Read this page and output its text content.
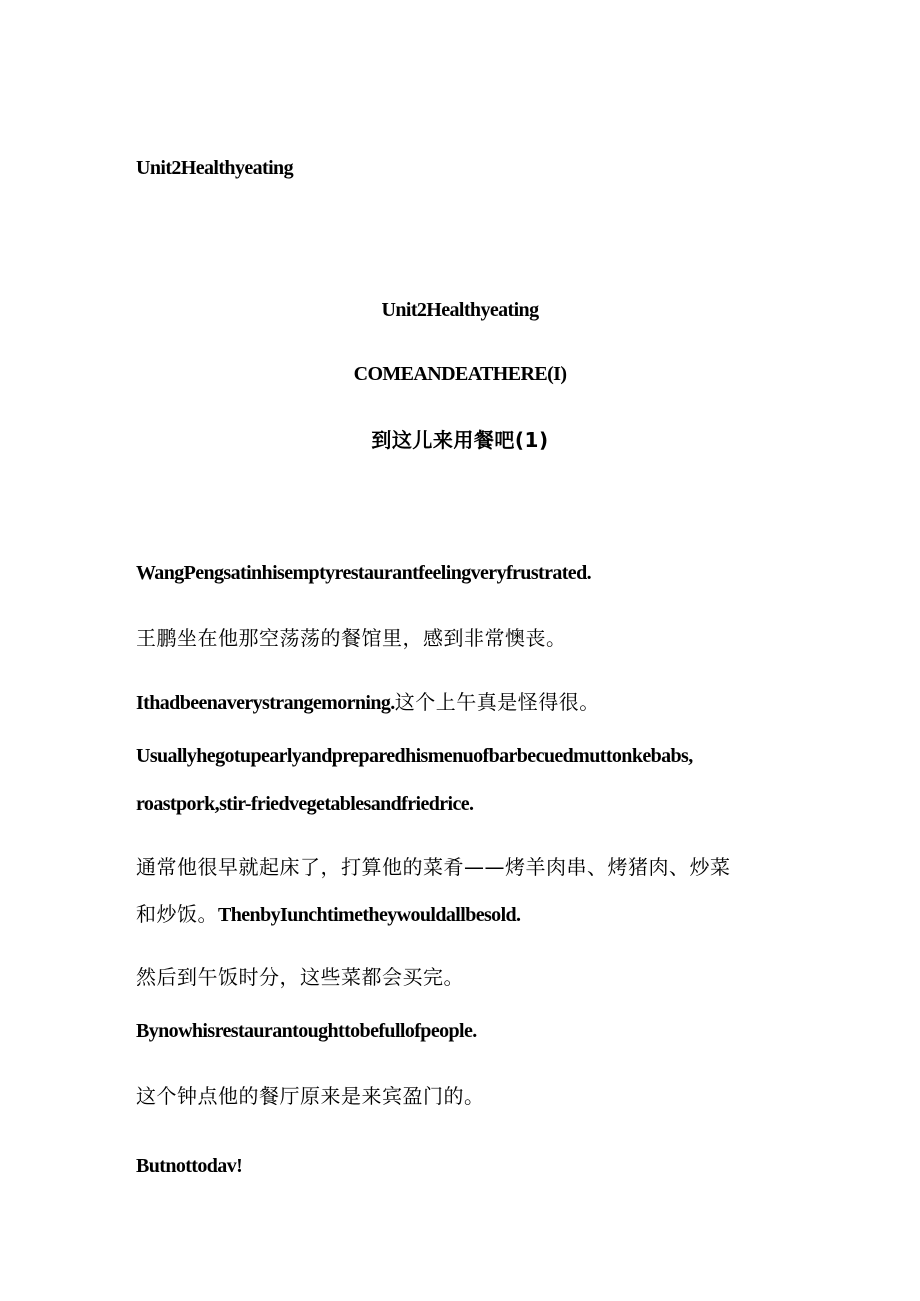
Unit2Healthyeating
Unit2Healthyeating
COMEANDEATHERE(I)
到这儿来用餐吧(1)
WangPengsatinhisemptyrestaurantfeelingveryfrustrated.
王鹏坐在他那空荡荡的餐馆里，感到非常懊丧。
Ithadbeenaverystrangemorning.这个上午真是怪得很。
Usuallyhegotupearlyandpreparedhismenuofbarbecuedmuttonkebabs,
roastpork,stir-friedvegetablesandfriedrice.
通常他很早就起床了，打算他的菜肴——烤羊肉串、烤猪肉、炒菜
和炒饭。ThenbyIunchtimetheywouldallbesold.
然后到午饭时分，这些菜都会买完。
Bynowhisrestaurantoughttobefullofpeople.
这个钟点他的餐厅原来是来宾盈门的。
Butnottodav!
